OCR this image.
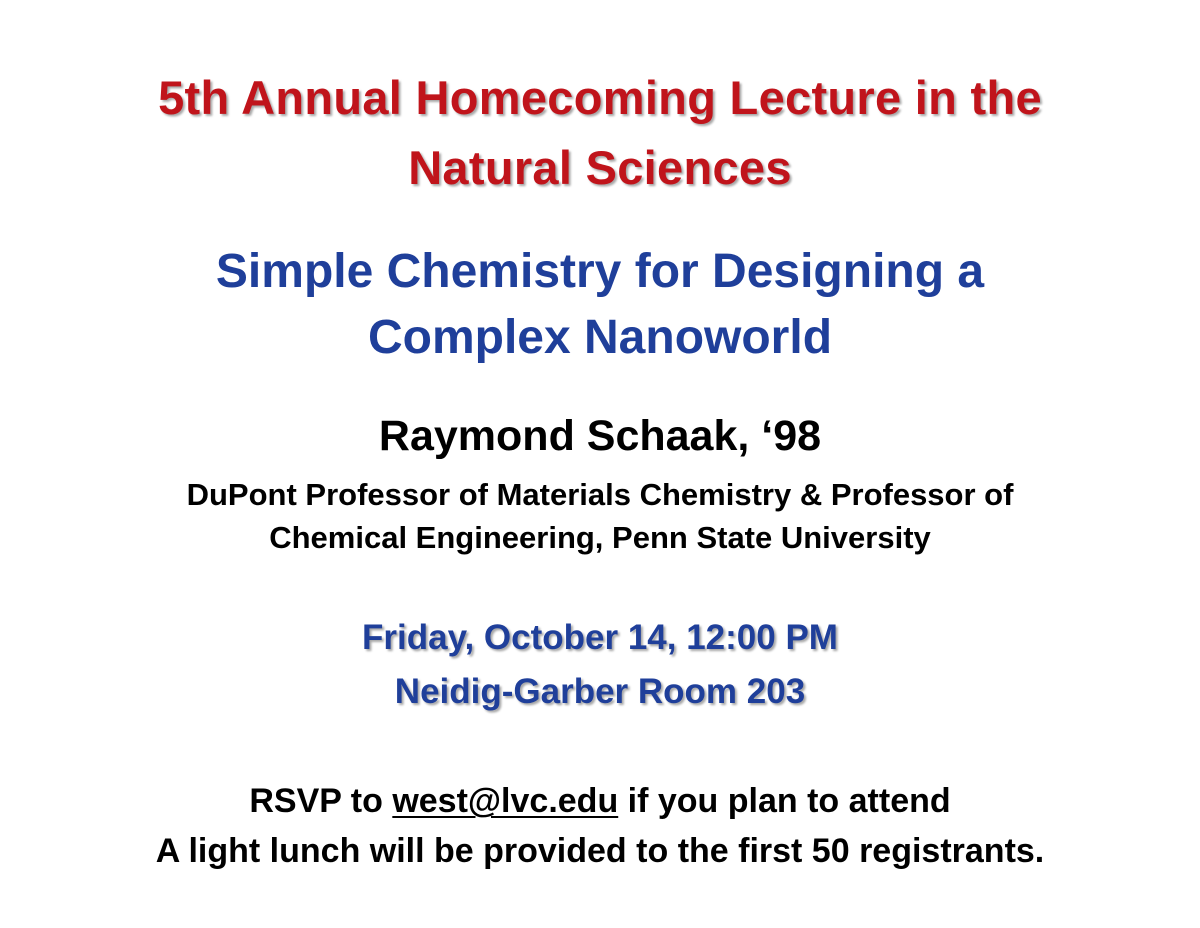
5th Annual Homecoming Lecture in the

Natural Sciences

Simple Chemistry for Designing a

Complex Nanoworld

Raymond Schaak, ‘98

DuPont Professor of Materials Chemistry & Professor of

Chemical Engineering, Penn State University

Friday, October 14, 12:00 PM

Neidig-Garber Room 203

RSVP to west@lvc.edu if you plan to attend

A light lunch will be provided to the first 50 registrants.
